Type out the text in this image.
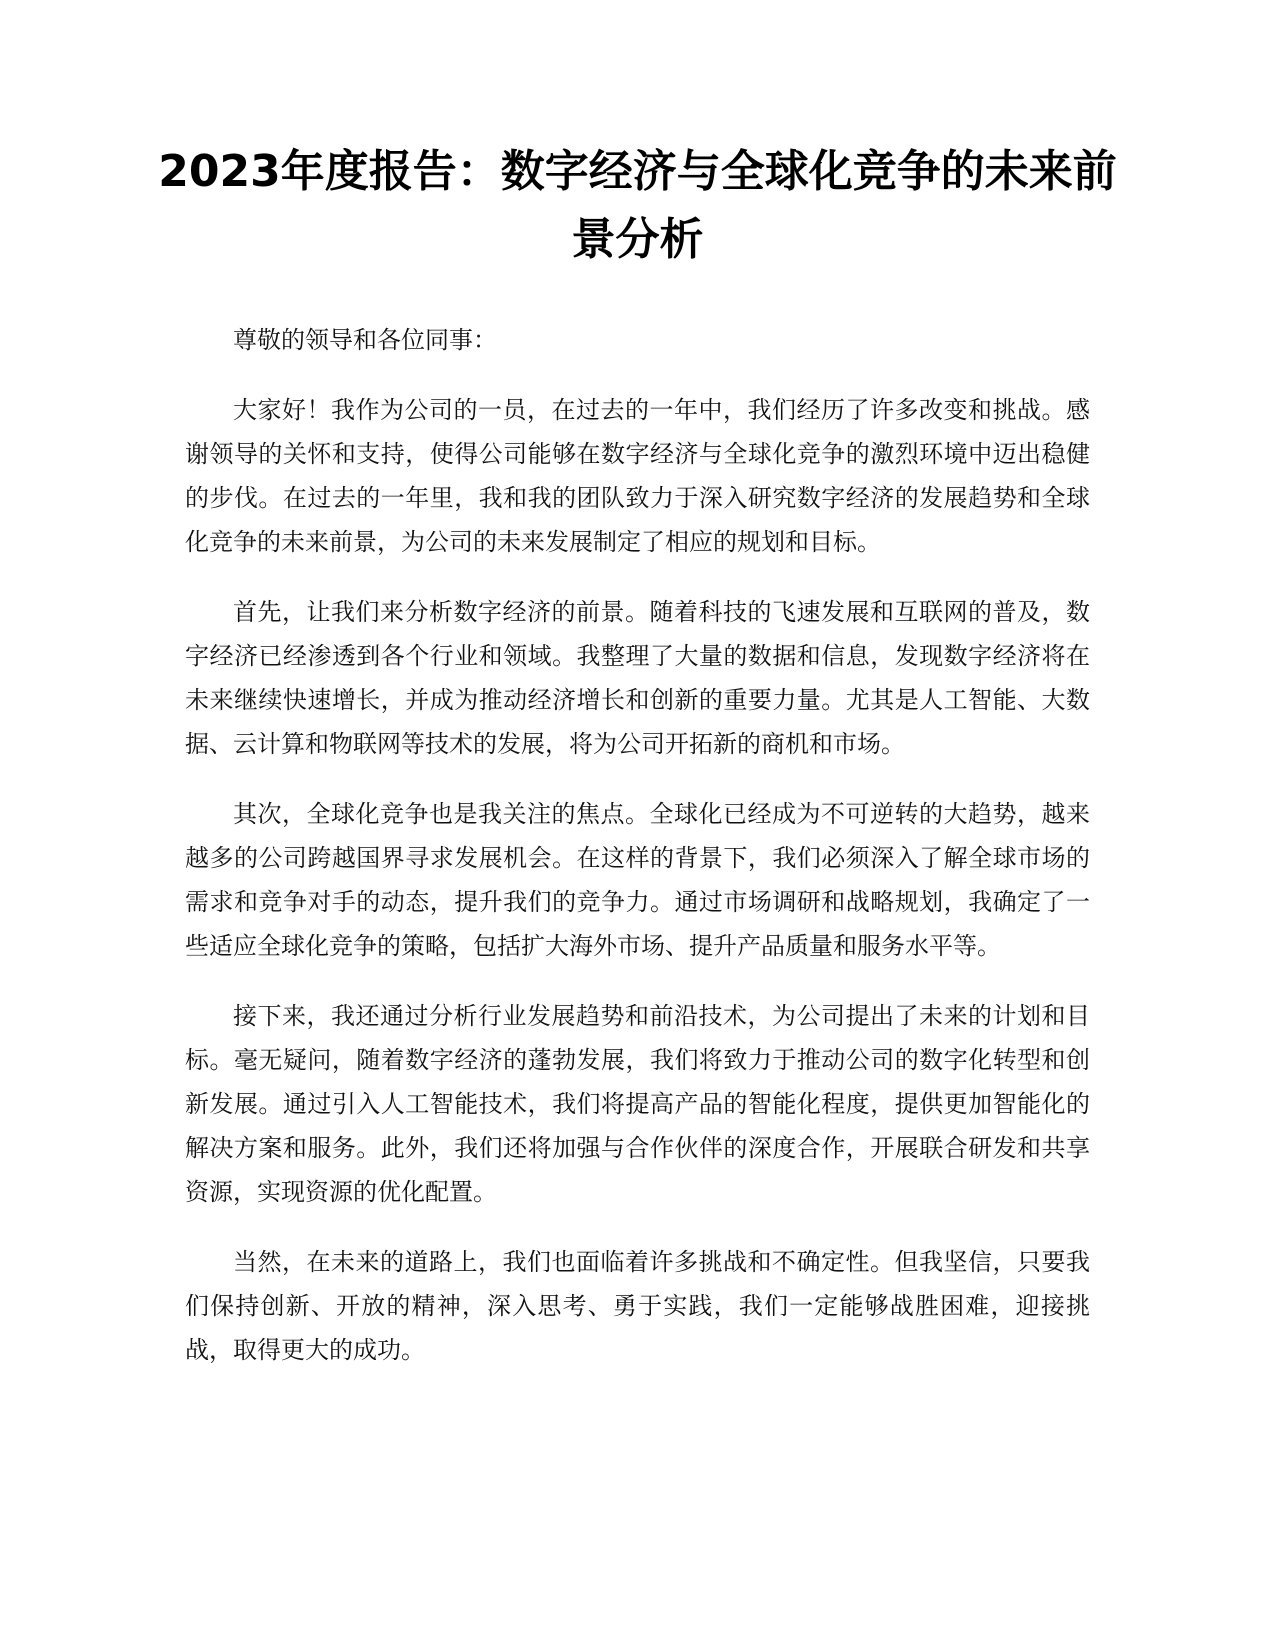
2023年度报告：数字经济与全球化竞争的未来前景分析

尊敬的领导和各位同事：

大家好！我作为公司的一员，在过去的一年中，我们经历了许多改变和挑战。感谢领导的关怀和支持，使得公司能够在数字经济与全球化竞争的激烈环境中迈出稳健的步伐。在过去的一年里，我和我的团队致力于深入研究数字经济的发展趋势和全球化竞争的未来前景，为公司的未来发展制定了相应的规划和目标。

首先，让我们来分析数字经济的前景。随着科技的飞速发展和互联网的普及，数字经济已经渗透到各个行业和领域。我整理了大量的数据和信息，发现数字经济将在未来继续快速增长，并成为推动经济增长和创新的重要力量。尤其是人工智能、大数据、云计算和物联网等技术的发展，将为公司开拓新的商机和市场。

其次，全球化竞争也是我关注的焦点。全球化已经成为不可逆转的大趋势，越来越多的公司跨越国界寻求发展机会。在这样的背景下，我们必须深入了解全球市场的需求和竞争对手的动态，提升我们的竞争力。通过市场调研和战略规划，我确定了一些适应全球化竞争的策略，包括扩大海外市场、提升产品质量和服务水平等。

接下来，我还通过分析行业发展趋势和前沿技术，为公司提出了未来的计划和目标。毫无疑问，随着数字经济的蓬勃发展，我们将致力于推动公司的数字化转型和创新发展。通过引入人工智能技术，我们将提高产品的智能化程度，提供更加智能化的解决方案和服务。此外，我们还将加强与合作伙伴的深度合作，开展联合研发和共享资源，实现资源的优化配置。

当然，在未来的道路上，我们也面临着许多挑战和不确定性。但我坚信，只要我们保持创新、开放的精神，深入思考、勇于实践，我们一定能够战胜困难，迎接挑战，取得更大的成功。
